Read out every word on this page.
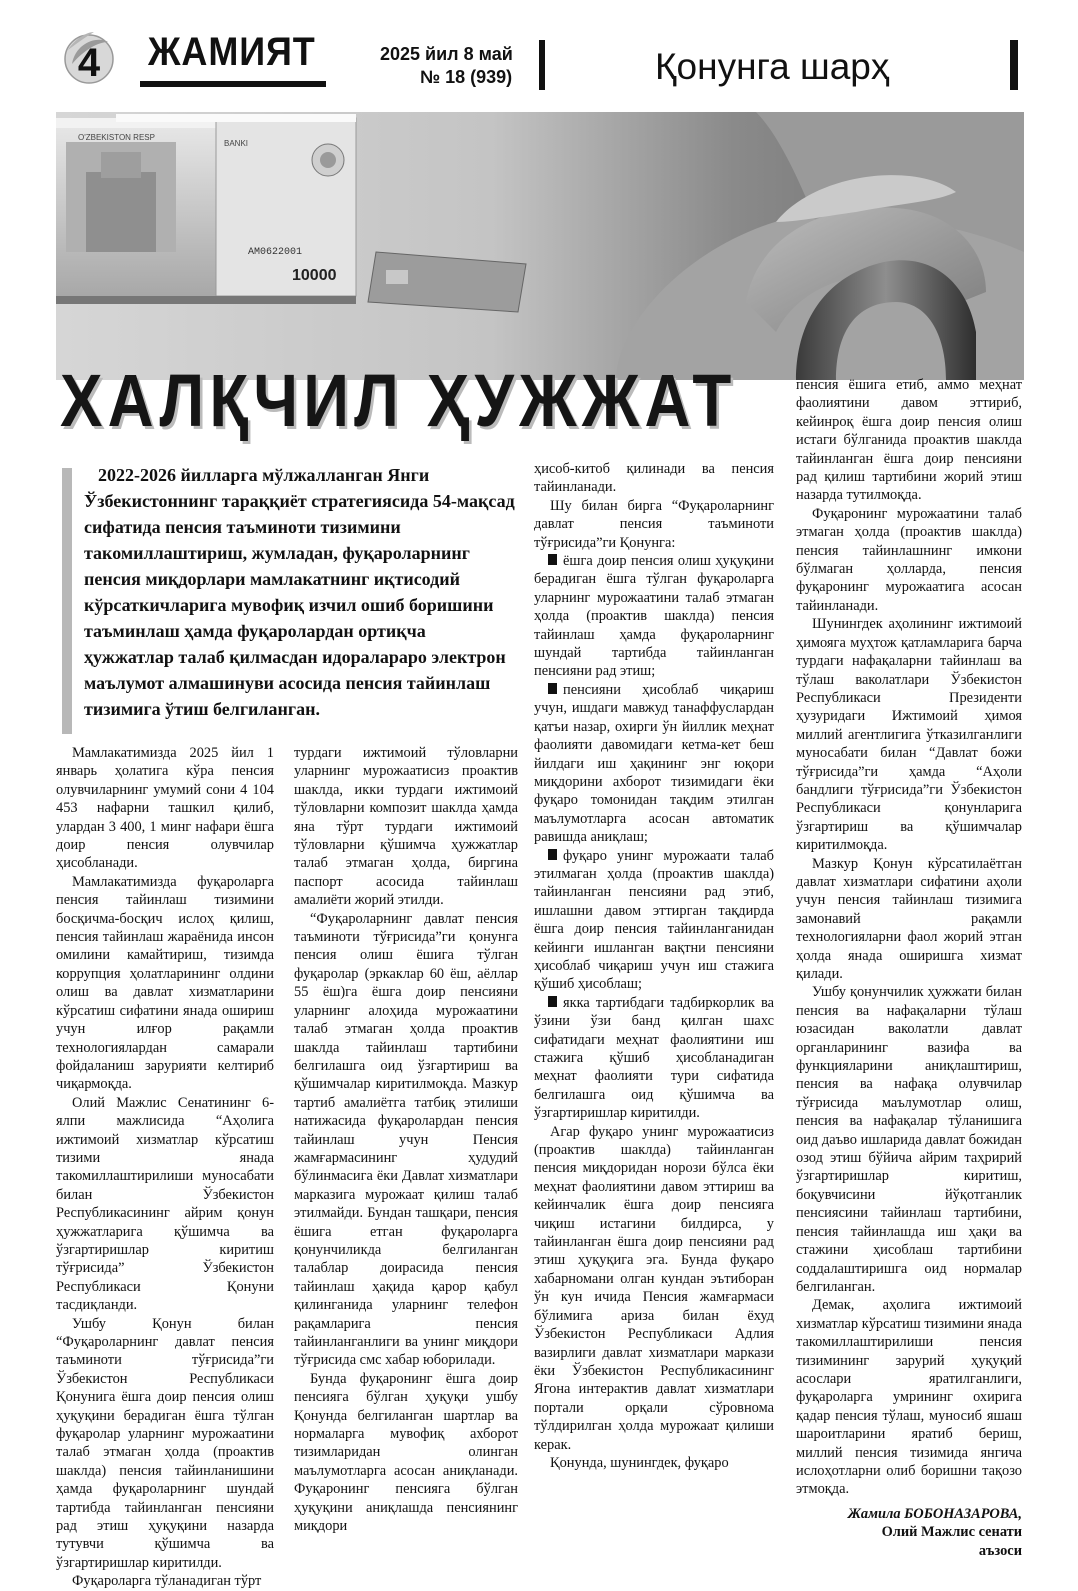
4 ЖАМИЯТ	2025 йил 8 май
№ 18 (939)	Қонунга шарҳ
O'ZBEKISTON RESP
BANKI
AM0622001
10000
ХАЛҚЧИЛ ҲУЖЖАТ

2022-2026 йилларга мўлжалланган Янги Ўзбекистоннинг тараққиёт стратегиясида 54-мақсад сифатида пенсия таъминоти тизимини такомиллаштириш, жумладан, фуқароларнинг пенсия миқдорлари мамлакатнинг иқтисодий кўрсаткичларига мувофиқ изчил ошиб боришини таъминлаш ҳамда фуқаролардан ортиқча ҳужжатлар талаб қилмасдан идоралараро электрон маълумот алмашинуви асосида пенсия тайинлаш тизимига ўтиш белгиланган.

Мамлакатимизда 2025 йил 1 январь ҳолатига кўра пенсия олувчиларнинг умумий сони 4 104 453 нафарни ташкил қилиб, улардан 3 400, 1 минг нафари ёшга доир пенсия олувчилар ҳисобланади.

Мамлакатимизда фуқароларга пенсия тайинлаш тизимини босқичма-босқич ислоҳ қилиш, пенсия тайинлаш жараёнида инсон омилини камайтириш, тизимда коррупция ҳолатларининг олдини олиш ва давлат хизматларини кўрсатиш сифатини янада ошириш учун илғор рақамли технологиялардан самарали фойдаланиш зарурияти келтириб чиқармоқда.

Олий Мажлис Сенатининг 6-ялпи мажлисида “Аҳолига ижтимоий хизматлар кўрсатиш тизими янада такомиллаштирилиши муносабати билан Ўзбекистон Республикасининг айрим қонун ҳужжатларига қўшимча ва ўзгартиришлар киритиш тўғрисида” Ўзбекистон Республикаси Қонуни тасдиқланди.

Ушбу Қонун билан “Фуқароларнинг давлат пенсия таъминоти тўғрисида”ги Ўзбекистон Республикаси Қонунига ёшга доир пенсия олиш ҳуқуқини берадиган ёшга тўлган фуқаролар уларнинг мурожаатини талаб этмаган ҳолда (проактив шаклда) пенсия тайинланишини ҳамда фуқароларнинг шундай тартибда тайинланган пенсияни рад этиш ҳуқуқини назарда тутувчи қўшимча ва ўзгартиришлар киритилди.

Фуқароларга тўланадиган тўрт

турдаги ижтимоий тўловларни уларнинг мурожаатисиз проактив шаклда, икки турдаги ижтимоий тўловларни композит шаклда ҳамда яна тўрт турдаги ижтимоий тўловларни қўшимча ҳужжатлар талаб этмаган ҳолда, биргина паспорт асосида тайинлаш амалиёти жорий этилди.

“Фуқароларнинг давлат пенсия таъминоти тўғрисида”ги қонунга пенсия олиш ёшига тўлган фуқаролар (эркаклар 60 ёш, аёллар 55 ёш)га ёшга доир пенсияни уларнинг алоҳида мурожаатини талаб этмаган ҳолда проактив шаклда тайинлаш тартибини белгилашга оид ўзгартириш ва қўшимчалар киритилмоқда. Мазкур тартиб амалиётга татбиқ этилиши натижасида фуқаролардан пенсия тайинлаш учун Пенсия жамғармасининг ҳудудий бўлинмасига ёки Давлат хизматлари марказига мурожаат қилиш талаб этилмайди. Бундан ташқари, пенсия ёшига етган фуқароларга қонунчиликда белгиланган талаблар доирасида пенсия тайинлаш ҳақида қарор қабул қилинганида уларнинг телефон рақамларига пенсия тайинланганлиги ва унинг миқдори тўғрисида смс хабар юборилади.

Бунда фуқаронинг ёшга доир пенсияга бўлган ҳуқуқи ушбу Қонунда белгиланган шартлар ва нормаларга мувофиқ ахборот тизимларидан олинган маълумотларга асосан аниқланади. Фуқаронинг пенсияга бўлган ҳуқуқини аниқлашда пенсиянинг миқдори

ҳисоб-китоб қилинади ва пенсия тайинланади.

Шу билан бирга “Фуқароларнинг давлат пенсия таъминоти тўғрисида”ги Қонунга:

ёшга доир пенсия олиш ҳуқуқини берадиган ёшга тўлган фуқароларга уларнинг мурожаатини талаб этмаган ҳолда (проактив шаклда) пенсия тайинлаш ҳамда фуқароларнинг шундай тартибда тайинланган пенсияни рад этиш;

пенсияни ҳисоблаб чиқариш учун, ишдаги мавжуд танаффуслардан қатъи назар, охирги ўн йиллик меҳнат фаолияти давомидаги кетма-кет беш йилдаги иш ҳақининг энг юқори миқдорини ахборот тизимидаги ёки фуқаро томонидан тақдим этилган маълумотларга асосан автоматик равишда аниқлаш;

фуқаро унинг мурожаати талаб этилмаган ҳолда (проактив шаклда) тайинланган пенсияни рад этиб, ишлашни давом эттирган тақдирда ёшга доир пенсия тайинланганидан кейинги ишланган вақтни пенсияни ҳисоблаб чиқариш учун иш стажига қўшиб ҳисоблаш;

якка тартибдаги тадбиркорлик ва ўзини ўзи банд қилган шахс сифатидаги меҳнат фаолиятини иш стажига қўшиб ҳисобланадиган меҳнат фаолияти тури сифатида белгилашга оид қўшимча ва ўзгартиришлар киритилди.

Агар фуқаро унинг мурожаатисиз (проактив шаклда) тайинланган пенсия миқдоридан норози бўлса ёки меҳнат фаолиятини давом эттириш ва кейинчалик ёшга доир пенсияга чиқиш истагини билдирса, у тайинланган ёшга доир пенсияни рад этиш ҳуқуқига эга. Бунда фуқаро хабарномани олган кундан эътиборан ўн кун ичида Пенсия жамғармаси бўлимига ариза билан ёхуд Ўзбекистон Республикаси Адлия вазирлиги давлат хизматлари маркази ёки Ўзбекистон Республикасининг Ягона интерактив давлат хизматлари портали орқали сўровнома тўлдирилган ҳолда мурожаат қилиши керак.

Қонунда, шунингдек, фуқаро

пенсия ёшига етиб, аммо меҳнат фаолиятини давом эттириб, кейинроқ ёшга доир пенсия олиш истаги бўлганида проактив шаклда тайинланган ёшга доир пенсияни рад қилиш тартибини жорий этиш назарда тутилмоқда.

Фуқаронинг мурожаатини талаб этмаган ҳолда (проактив шаклда) пенсия тайинлашнинг имкони бўлмаган ҳолларда, пенсия фуқаронинг мурожаатига асосан тайинланади.

Шунингдек аҳолининг ижтимоий ҳимояга муҳтож қатламларига барча турдаги нафақаларни тайинлаш ва тўлаш ваколатлари Ўзбекистон Республикаси Президенти ҳузуридаги Ижтимоий ҳимоя миллий агентлигига ўтказилганлиги муносабати билан “Давлат божи тўғрисида”ги ҳамда “Аҳоли бандлиги тўғрисида”ги Ўзбекистон Республикаси қонунларига ўзгартириш ва қўшимчалар киритилмоқда.

Мазкур Қонун кўрсатилаётган давлат хизматлари сифатини аҳоли учун пенсия тайинлаш тизимига замонавий рақамли технологияларни фаол жорий этган ҳолда янада оширишга хизмат қилади.

Ушбу қонунчилик ҳужжати билан пенсия ва нафақаларни тўлаш юзасидан ваколатли давлат органларининг вазифа ва функцияларини аниқлаштириш, пенсия ва нафақа олувчилар тўғрисида маълумотлар олиш, пенсия ва нафақалар тўланишига оид даъво ишларида давлат божидан озод этиш бўйича айрим таҳририй ўзгартиришлар киритиш, боқувчисини йўқотганлик пенсиясини тайинлаш тартибини, пенсия тайинлашда иш ҳақи ва стажини ҳисоблаш тартибини соддалаштиришга оид нормалар белгиланган.

Демак, аҳолига ижтимоий хизматлар кўрсатиш тизимини янада такомиллаштирилиши пенсия тизимининг зарурий ҳуқуқий асослари яратилганлиги, фуқароларга умрининг охирига қадар пенсия тўлаш, муносиб яшаш шароитларини яратиб бериш, миллий пенсия тизимида янгича ислоҳотларни олиб боришни тақозо этмоқда.

Жамила БОБОНАЗАРОВА,

Олий Мажлис сенати

аъзоси
